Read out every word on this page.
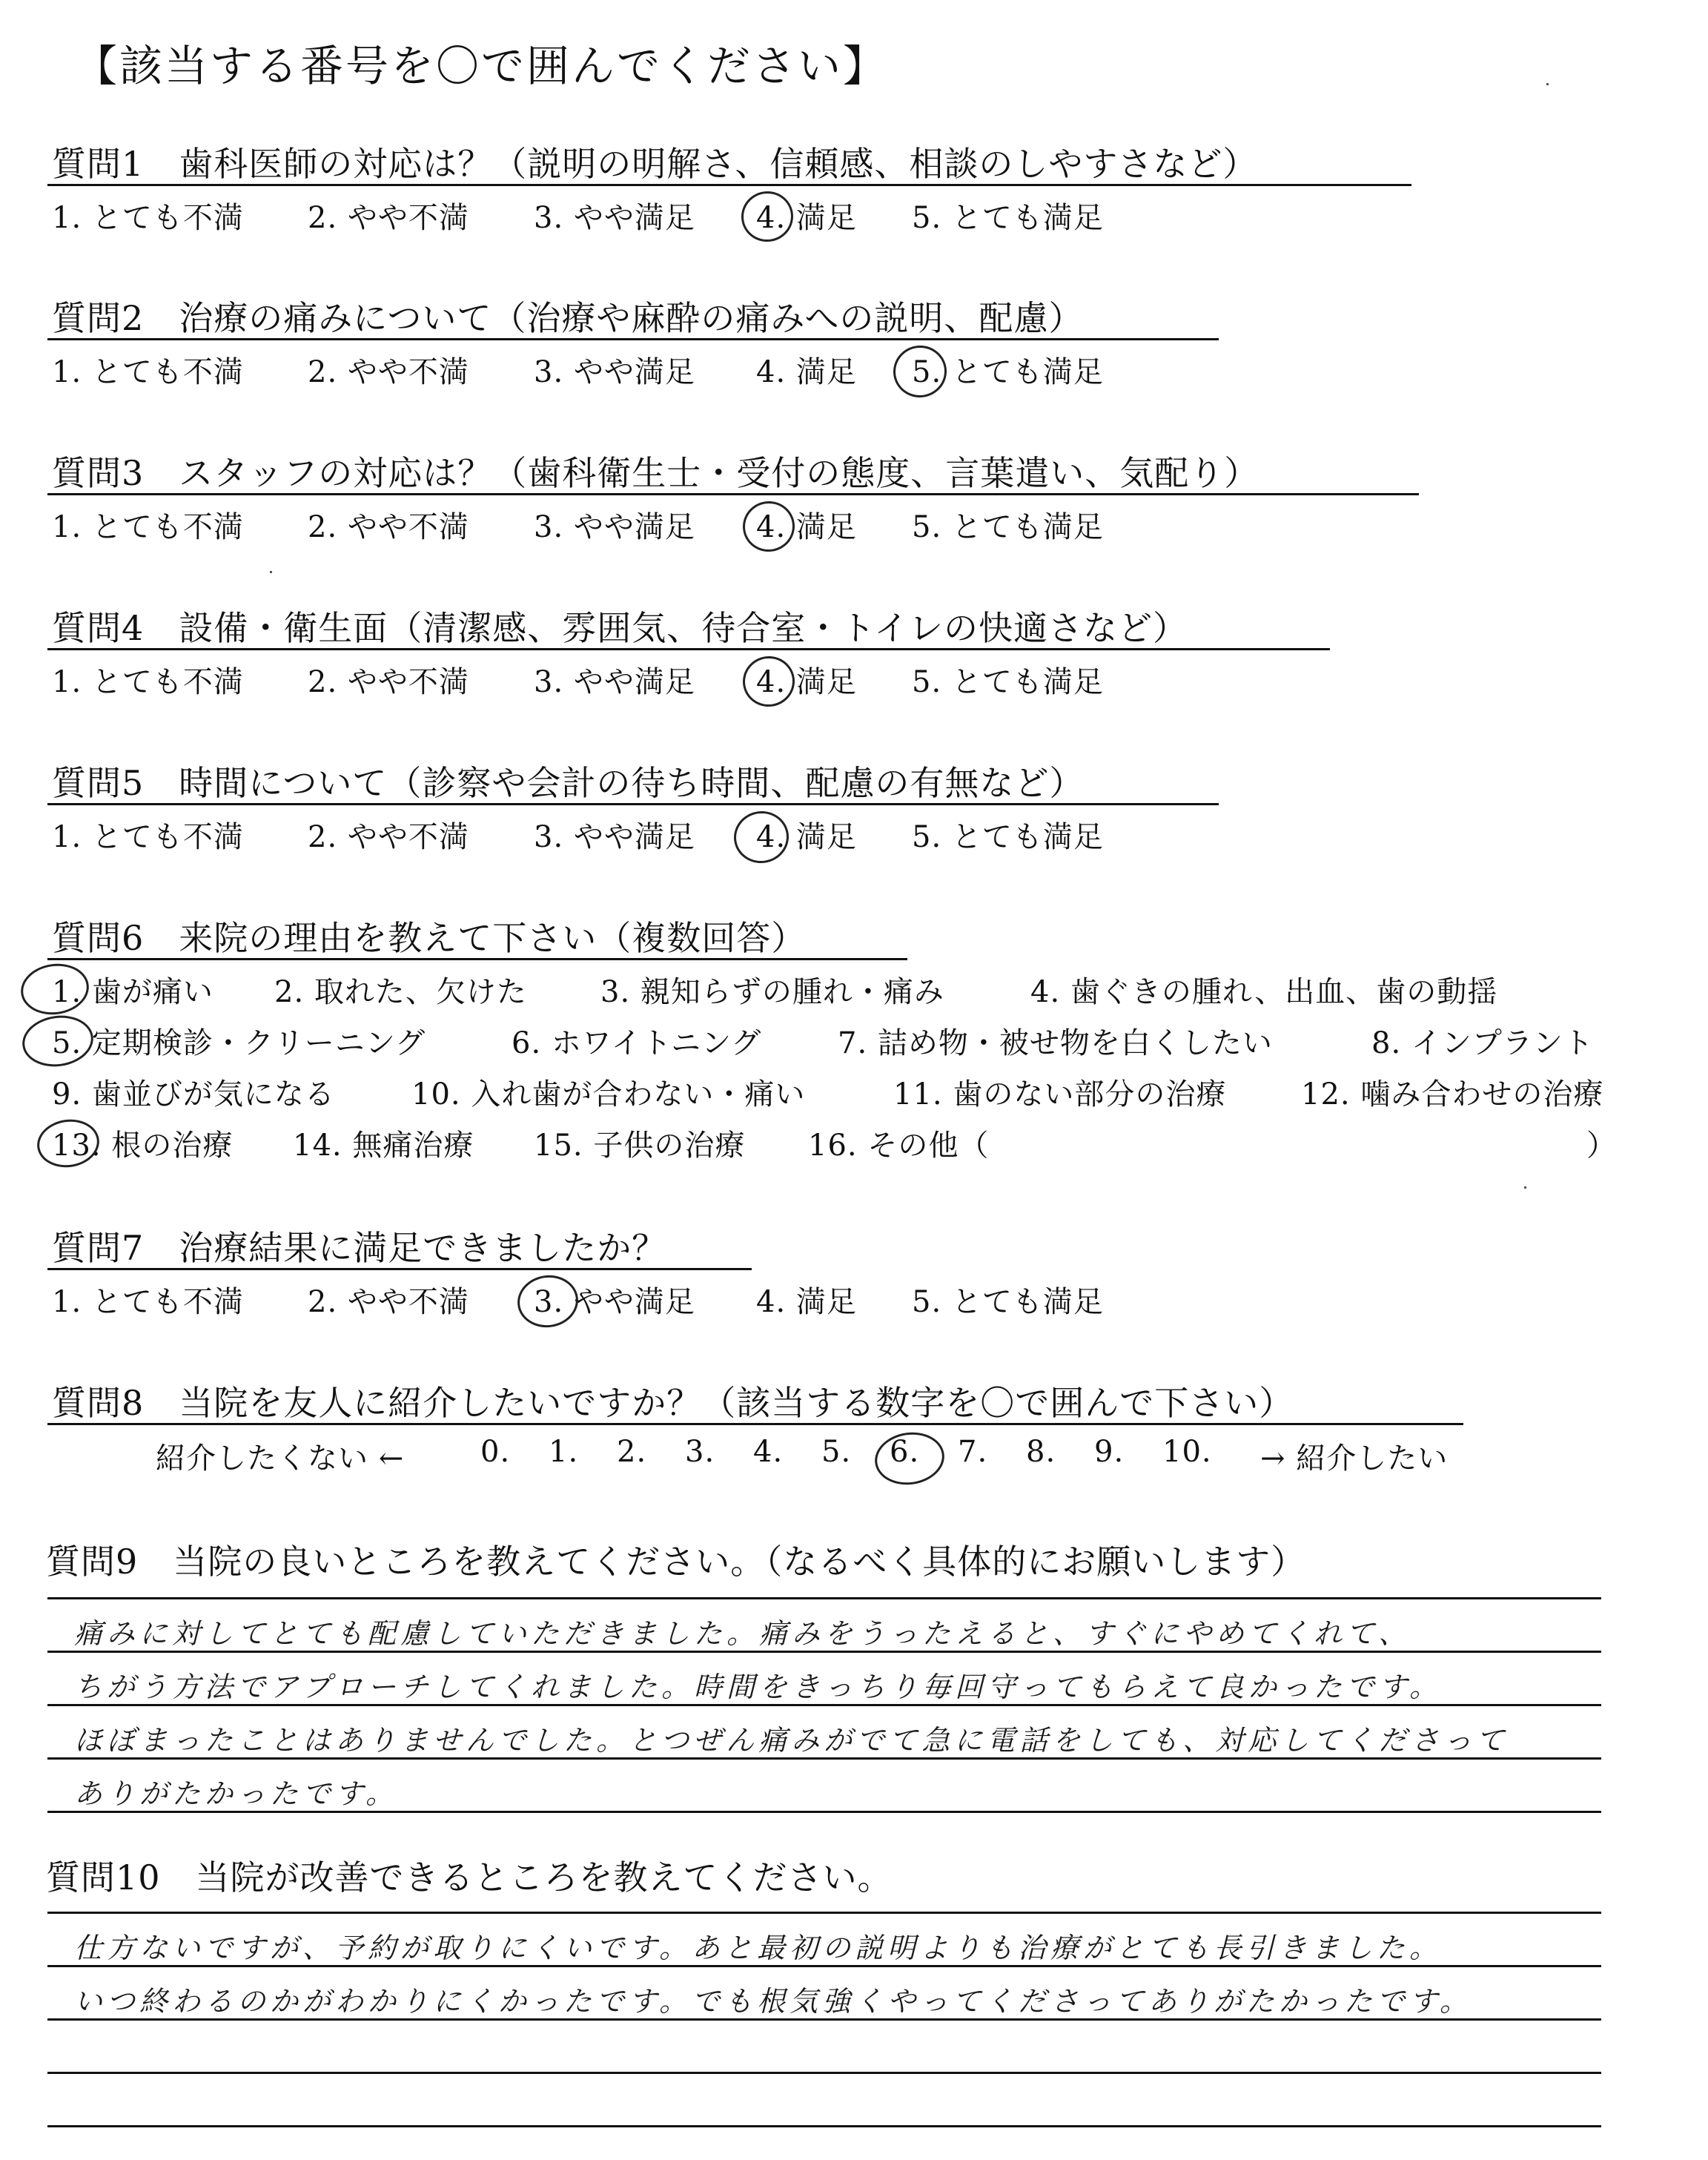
【該当する番号を〇で囲んでください】
質問1　歯科医師の対応は？（説明の明解さ、信頼感、相談のしやすさなど）
1. とても不満 2. やや不満 3. やや満足 4. 満足 5. とても満足
質問2　治療の痛みについて（治療や麻酔の痛みへの説明、配慮）
1. とても不満 2. やや不満 3. やや満足 4. 満足 5. とても満足
質問3　スタッフの対応は？（歯科衛生士・受付の態度、言葉遣い、気配り）
1. とても不満 2. やや不満 3. やや満足 4. 満足 5. とても満足
質問4　設備・衛生面（清潔感、雰囲気、待合室・トイレの快適さなど）
1. とても不満 2. やや不満 3. やや満足 4. 満足 5. とても満足
質問5　時間について（診察や会計の待ち時間、配慮の有無など）
1. とても不満 2. やや不満 3. やや満足 4. 満足 5. とても満足
質問6　来院の理由を教えて下さい（複数回答）
1. 歯が痛い 2. 取れた、欠けた 3. 親知らずの腫れ・痛み	4. 歯ぐきの腫れ、出血、歯の動揺
5. 定期検診・クリーニング	6. ホワイトニング	7. 詰め物・被せ物を白くしたい	8. インプラント
9. 歯並びが気になる	10. 入れ歯が合わない・痛い	11. 歯のない部分の治療	12. 噛み合わせの治療
13. 根の治療 14. 無痛治療 15. 子供の治療 16. その他（	）
質問7　治療結果に満足できましたか？
1. とても不満 2. やや不満 3. やや満足 4. 満足 5. とても満足
質問8　当院を友人に紹介したいですか？（該当する数字を〇で囲んで下さい）
紹介したくない ←	0. 1. 2. 3. 4. 5. 6. 7. 8. 9. 10. → 紹介したい
質問9　当院の良いところを教えてください。（なるべく具体的にお願いします）
痛みに対してとても配慮していただきました。痛みをうったえると、すぐにやめてくれて、
ちがう方法でアプローチしてくれました。時間をきっちり毎回守ってもらえて良かったです。
ほぼまったことはありませんでした。とつぜん痛みがでて急に電話をしても、対応してくださって
ありがたかったです。
質問10　当院が改善できるところを教えてください。
仕方ないですが、予約が取りにくいです。あと最初の説明よりも治療がとても長引きました。
いつ終わるのかがわかりにくかったです。でも根気強くやってくださってありがたかったです。
